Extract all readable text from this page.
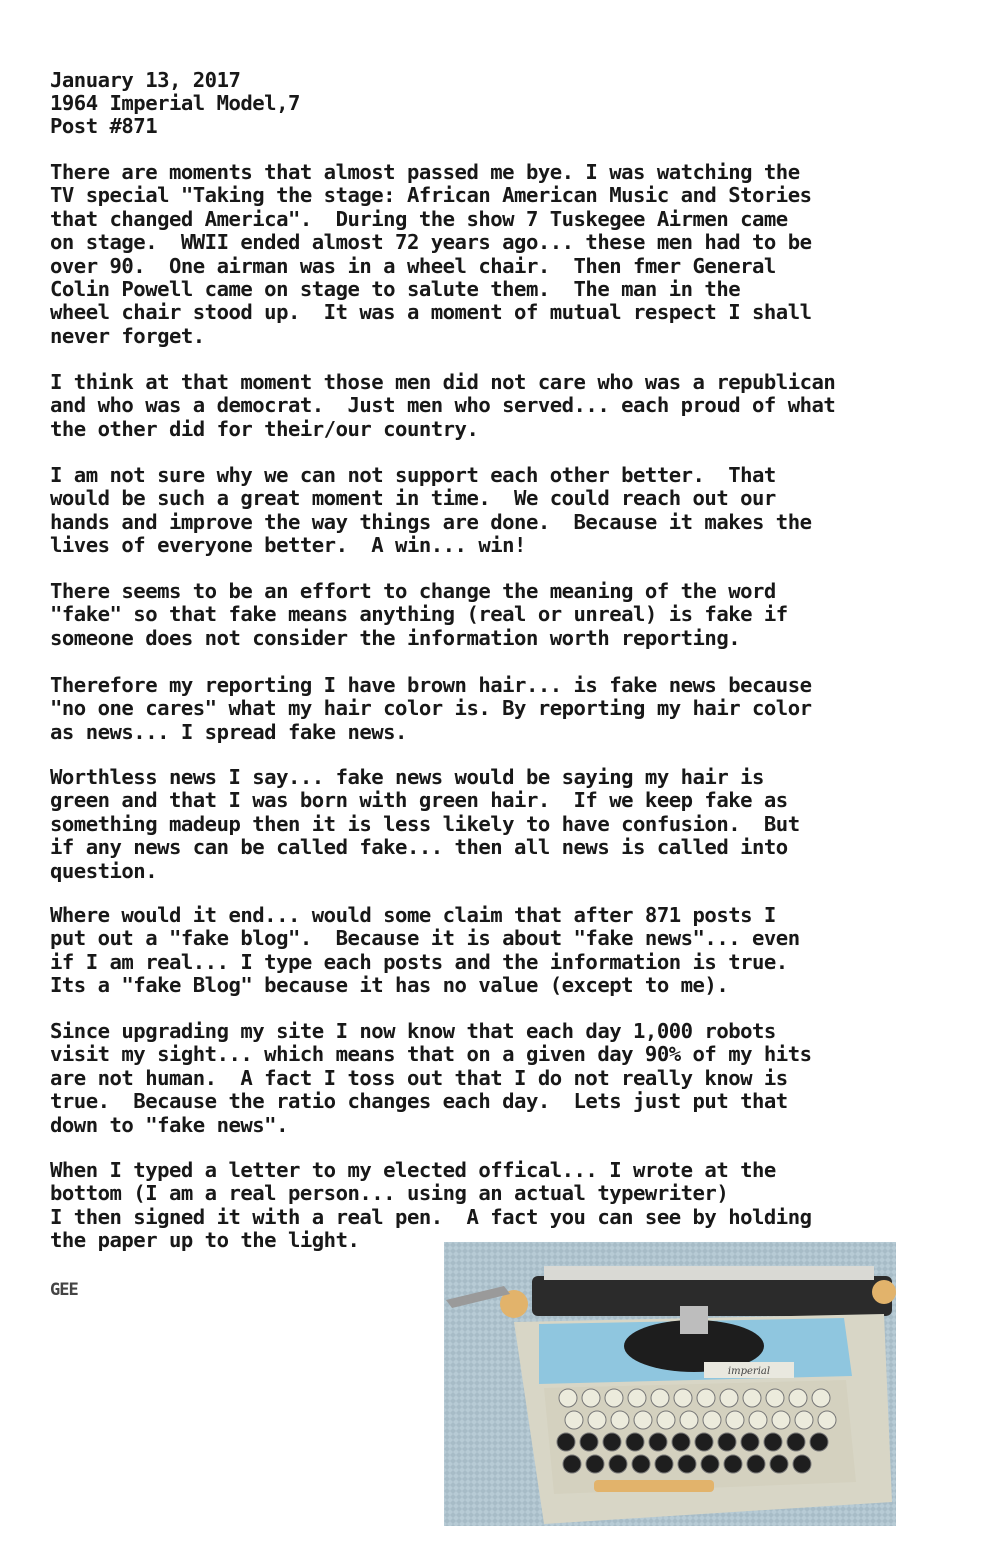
January 13, 2017
1964 Imperial Model,7
Post #871
There are moments that almost passed me bye. I was watching the
TV special "Taking the stage: African American Music and Stories
that changed America".  During the show 7 Tuskegee Airmen came
on stage.  WWII ended almost 72 years ago... these men had to be
over 90.  One airman was in a wheel chair.  Then fmer General
Colin Powell came on stage to salute them.  The man in the
wheel chair stood up.  It was a moment of mutual respect I shall
never forget.
I think at that moment those men did not care who was a republican
and who was a democrat.  Just men who served... each proud of what
the other did for their/our country.
I am not sure why we can not support each other better.  That
would be such a great moment in time.  We could reach out our
hands and improve the way things are done.  Because it makes the
lives of everyone better.  A win... win!
There seems to be an effort to change the meaning of the word
"fake" so that fake means anything (real or unreal) is fake if
someone does not consider the information worth reporting.
Therefore my reporting I have brown hair... is fake news because
"no one cares" what my hair color is. By reporting my hair color
as news... I spread fake news.
Worthless news I say... fake news would be saying my hair is
green and that I was born with green hair.  If we keep fake as
something madeup then it is less likely to have confusion.  But
if any news can be called fake... then all news is called into
question.
Where would it end... would some claim that after 871 posts I
put out a "fake blog".  Because it is about "fake news"... even
if I am real... I type each posts and the information is true.
Its a "fake Blog" because it has no value (except to me).
Since upgrading my site I now know that each day 1,000 robots
visit my sight... which means that on a given day 90% of my hits
are not human.  A fact I toss out that I do not really know is
true.  Because the ratio changes each day.  Lets just put that
down to "fake news".
When I typed a letter to my elected offical... I wrote at the
bottom (I am a real person... using an actual typewriter)
I then signed it with a real pen.  A fact you can see by holding
the paper up to the light.
GEE
imperial
